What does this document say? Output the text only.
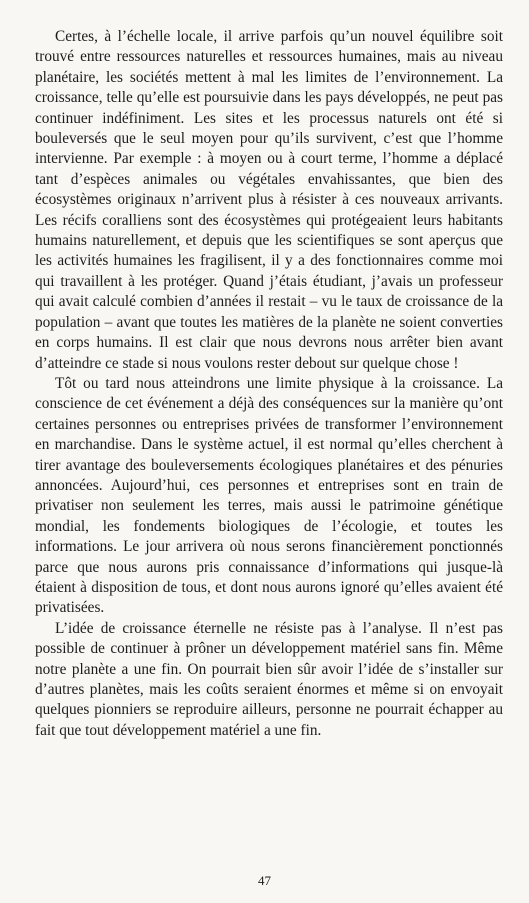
Certes, à l’échelle locale, il arrive parfois qu’un nouvel équilibre soit trouvé entre ressources naturelles et ressources humaines, mais au niveau planétaire, les sociétés mettent à mal les limites de l’environnement. La croissance, telle qu’elle est poursuivie dans les pays développés, ne peut pas continuer indéfiniment. Les sites et les processus naturels ont été si bouleversés que le seul moyen pour qu’ils survivent, c’est que l’homme intervienne. Par exemple : à moyen ou à court terme, l’homme a déplacé tant d’espèces animales ou végétales envahissantes, que bien des écosystèmes originaux n’arrivent plus à résister à ces nouveaux arrivants. Les récifs coralliens sont des écosystèmes qui protégeaient leurs habitants humains naturellement, et depuis que les scientifiques se sont aperçus que les activités humaines les fragilisent, il y a des fonctionnaires comme moi qui travaillent à les protéger. Quand j’étais étudiant, j’avais un professeur qui avait calculé combien d’années il restait – vu le taux de croissance de la population – avant que toutes les matières de la planète ne soient converties en corps humains. Il est clair que nous devrons nous arrêter bien avant d’atteindre ce stade si nous voulons rester debout sur quelque chose !

Tôt ou tard nous atteindrons une limite physique à la croissance. La conscience de cet événement a déjà des conséquences sur la manière qu’ont certaines personnes ou entreprises privées de transformer l’environnement en marchandise. Dans le système actuel, il est normal qu’elles cherchent à tirer avantage des bouleversements écologiques planétaires et des pénuries annoncées. Aujourd’hui, ces personnes et entreprises sont en train de privatiser non seulement les terres, mais aussi le patrimoine génétique mondial, les fondements biologiques de l’écologie, et toutes les informations. Le jour arrivera où nous serons financièrement ponctionnés parce que nous aurons pris connaissance d’informations qui jusque-là étaient à disposition de tous, et dont nous aurons ignoré qu’elles avaient été privatisées.

L’idée de croissance éternelle ne résiste pas à l’analyse. Il n’est pas possible de continuer à prôner un développement matériel sans fin. Même notre planète a une fin. On pourrait bien sûr avoir l’idée de s’installer sur d’autres planètes, mais les coûts seraient énormes et même si on envoyait quelques pionniers se reproduire ailleurs, personne ne pourrait échapper au fait que tout développement matériel a une fin.

47
